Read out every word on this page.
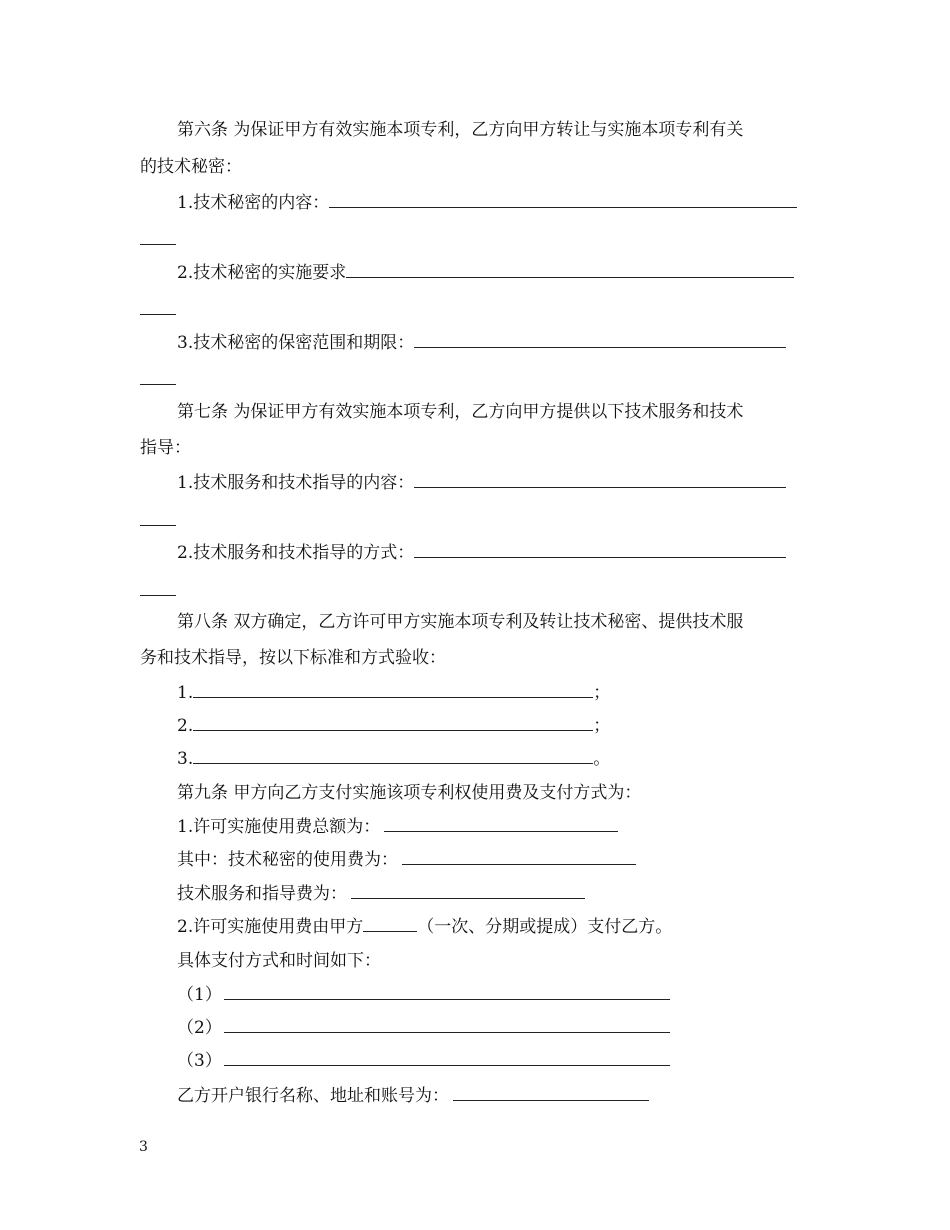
第六条 为保证甲方有效实施本项专利，乙方向甲方转让与实施本项专利有关
的技术秘密：
1.技术秘密的内容：
2.技术秘密的实施要求
3.技术秘密的保密范围和期限：
第七条 为保证甲方有效实施本项专利，乙方向甲方提供以下技术服务和技术
指导：
1.技术服务和技术指导的内容：
2.技术服务和技术指导的方式：
第八条 双方确定，乙方许可甲方实施本项专利及转让技术秘密、提供技术服
务和技术指导，按以下标准和方式验收：
1.	；
2.	；
3.	。
第九条 甲方向乙方支付实施该项专利权使用费及支付方式为：
1.许可实施使用费总额为：
其中：技术秘密的使用费为：
技术服务和指导费为：
2.许可实施使用费由甲方	（一次、分期或提成）支付乙方。
具体支付方式和时间如下：
（1）
（2）
（3）
乙方开户银行名称、地址和账号为：
3
